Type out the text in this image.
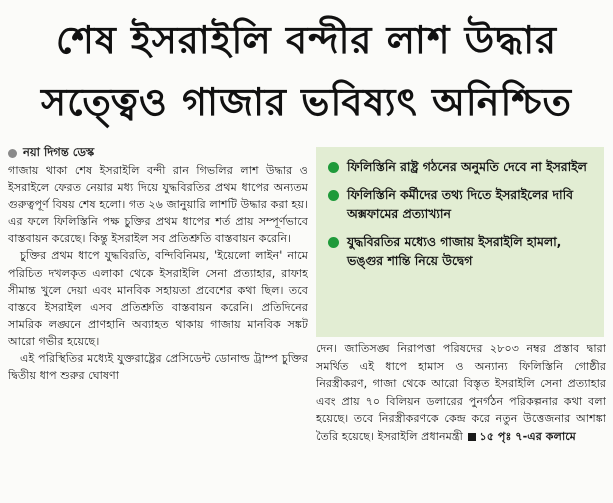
শেষ ইসরাইলি বন্দীর লাশ উদ্ধার
সত্ত্বেও গাজার ভবিষ্যৎ অনিশ্চিত
নয়া দিগন্ত ডেস্ক

গাজায় থাকা শেষ ইসরাইলি বন্দী রান গিভলির লাশ উদ্ধার ও ইসরাইলে ফেরত নেয়ার মধ্য দিয়ে যুদ্ধবিরতির প্রথম ধাপের অন্যতম গুরুত্বপূর্ণ বিষয় শেষ হলো। গত ২৬ জানুয়ারি লাশটি উদ্ধার করা হয়। এর ফলে ফিলিস্তিনি পক্ষ চুক্তির প্রথম ধাপের শর্ত প্রায় সম্পূর্ণভাবে বাস্তবায়ন করেছে। কিন্তু ইসরাইল সব প্রতিশ্রুতি বাস্তবায়ন করেনি।

চুক্তির প্রথম ধাপে যুদ্ধবিরতি, বন্দিবিনিময়, 'ইয়েলো লাইন' নামে পরিচিত দখলকৃত এলাকা থেকে ইসরাইলি সেনা প্রত্যাহার, রাফাহ সীমান্ত খুলে দেয়া এবং মানবিক সহায়তা প্রবেশের কথা ছিল। তবে বাস্তবে ইসরাইল এসব প্রতিশ্রুতি বাস্তবায়ন করেনি। প্রতিদিনের সামরিক লঙ্ঘনে প্রাণহানি অব্যাহত থাকায় গাজায় মানবিক সঙ্কট আরো গভীর হয়েছে।

এই পরিস্থিতির মধ্যেই যুক্তরাষ্ট্রের প্রেসিডেন্ট ডোনাল্ড ট্রাম্প চুক্তির দ্বিতীয় ধাপ শুরুর ঘোষণা

ফিলিস্তিনি রাষ্ট্র গঠনের অনুমতি দেবে না ইসরাইল
ফিলিস্তিনি কর্মীদের তথ্য দিতে ইসরাইলের দাবি অক্সফামের প্রত্যাখ্যান
যুদ্ধবিরতির মধ্যেও গাজায় ইসরাইলি হামলা, ভঙ্গুর শান্তি নিয়ে উদ্বেগ

দেন। জাতিসঙ্ঘ নিরাপত্তা পরিষদের ২৮০৩ নম্বর প্রস্তাব দ্বারা সমর্থিত এই ধাপে হামাস ও অন্যান্য ফিলিস্তিনি গোষ্ঠীর নিরস্ত্রীকরণ, গাজা থেকে আরো বিস্তৃত ইসরাইলি সেনা প্রত্যাহার এবং প্রায় ৭০ বিলিয়ন ডলারের পুনর্গঠন পরিকল্পনার কথা বলা হয়েছে। তবে নিরস্ত্রীকরণকে কেন্দ্র করে নতুন উত্তেজনার আশঙ্কা তৈরি হয়েছে। ইসরাইলি প্রধানমন্ত্রী ১৫ পৃঃ ৭-এর কলামে
